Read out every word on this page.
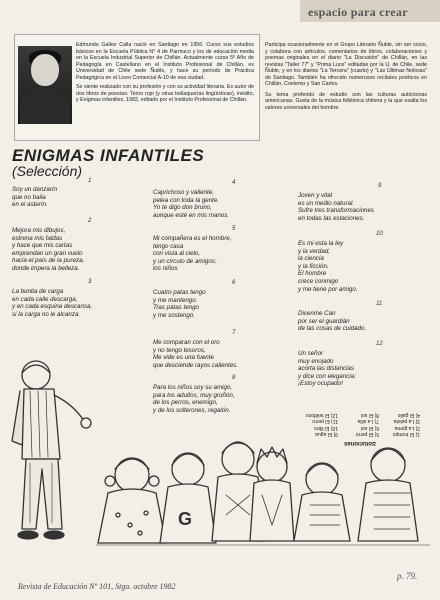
espacio para crear

Edmundo Gallez Calla nació en Santiago en 1956. Curso sus estudios básicos en la Escuela Pública N° 4 de Parmuco y los de educación media en la Escuela Industrial Superior de Chillán. Actualmente cursa 5º Año de Pedagogía en Castellano en el Instituto Profesional de Chillán, ex Universidad de Chile sede Ñuble, y hace su período de Práctica Pedagógica en el Liceo Comercial A-10 de esa ciudad.

Se siente realizado con su profesión y con su actividad literaria. Es autor de dos libros de poesías: Terno rojo (y otras bellaquerías lingüísticas), inédito, y Enigmas infantiles, 1982, editado por el Instituto Profesional de Chillán.

Participa ocasionalmente en el Grupo Literario Ñuble, sin ser socio, y colabora con artículos, comentarios de libros, colaboraciones y poemas originales en el diario "La Discusión" de Chillán, en las revistas "Taller 77" y "Prima Luce" editadas por la U. de Chile, sede Ñuble, y en los diarios "La Tercera" (cuarto) y "Las Últimas Noticias" de Santiago. También ha ofrecido numerosos recitales poéticos en Chillán, Coelemu y San Carlos.

Su tema preferido de estudio son las culturas autóctonas americanas. Gusta de la música folklórica chilena y la que exalta los valores universales del hombre.

ENIGMAS INFANTILES
(Selección)
1
Soy un danzarín
que no baila
en el asterín.
2
Mejora mis dibujos,
estrena mis faldas
y hace que mis cartas
emprendan un gran vuelo
hacia el país de la pureza,
donde impera la belleza.
3
La bunita de carga
en cada calle descarga,
y en cada esquina descansa,
si la carga no le alcanza.
4
Caprichoso y valiente,
pelea con toda la gente.
Yo te digo don bruno,
aunque esté en mis manos.
5
Mi compañera es el hombre,
tengo casa
con vista al cielo,
y un círculo de amigos:
los niños
6
Cuatro patas tengo
y me mantengo.
Tras patas tengo
y me sostengo.
7
Me comparan con el oro
y no tengo tesoros.
Me vide es una fuente
que desciende rayos calientes.
8
Para los niños soy su amigo,
para los adultos, muy gruñón,
de los perros, enemigo,
y de los solterones, regalón.
9
Joven y vital
es un medio natural.
Sufre tres transformaciones
en todas las estaciones.
10
Es mi esta la ley
y la verdad,
la ciencia
y la ficción.
El hombre
crece conmigo
y me tiene por amigo.
11
Dicenme Can
por ser el guardián
de las cosas de cuidado.
12
Un señor
muy enojado
acorta las distancias
y dice con elegancia:
¡Estoy ocupado!
Soluciones
1) El trompo
5) El perro
9) El agua
2) La goma
6) El sol
10) El libro
3) La pelota
7) La silla
11) El perro
4) El gallo
8) El sol
12) El teléfono
G
Revista de Educación Nº 101, Stgo. octubre 1982
p. 79.
